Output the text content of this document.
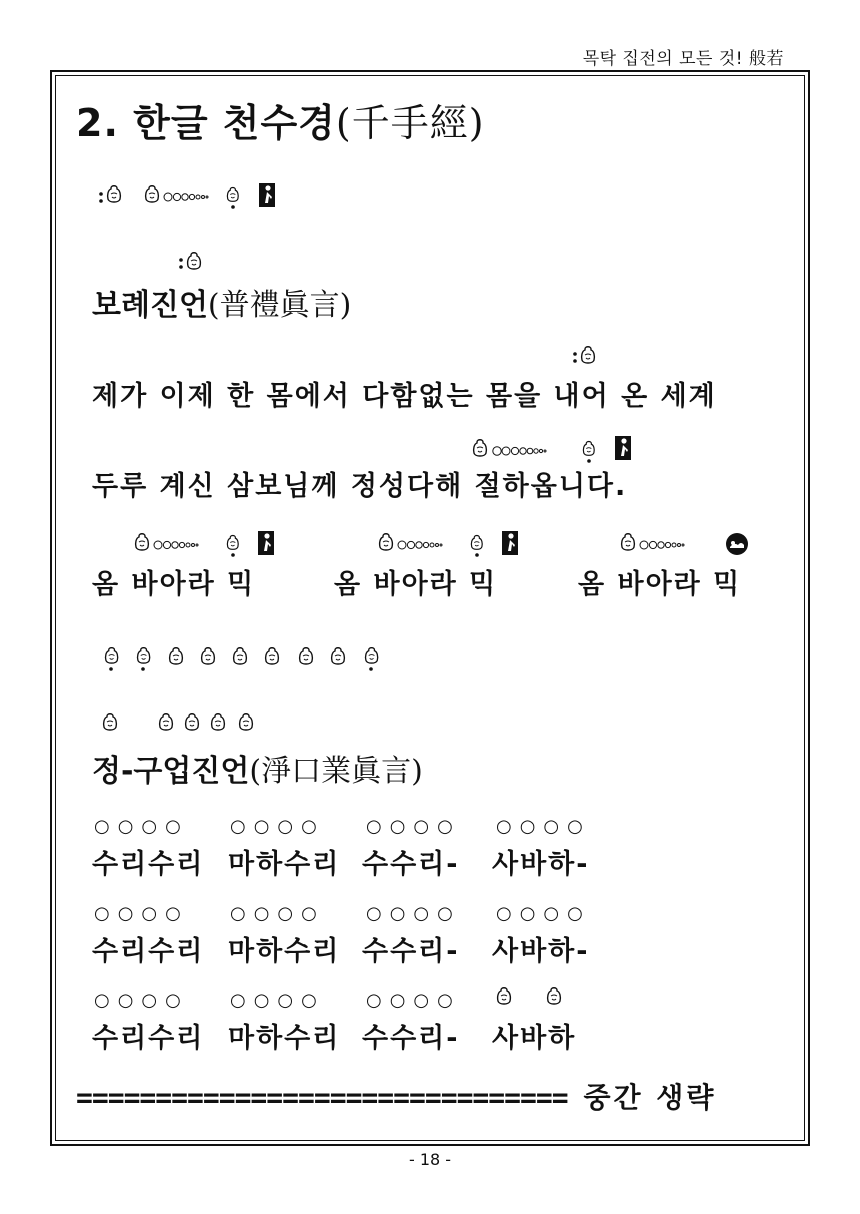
목탁 집전의 모든 것! 般若
2. 한글 천수경(千手經)
보례진언(普禮眞言)
제가 이제 한 몸에서 다함없는 몸을 내어 온 세계
두루 계신 삼보님께 정성다해 절하옵니다.
옴 바아라 믹	옴 바아라 믹	옴 바아라 믹
정-구업진언(淨口業眞言)
○○○○ ○○○○ ○○○○ ○○○○
수리수리 마하수리 수수리- 사바하-
○○○○ ○○○○ ○○○○ ○○○○
수리수리 마하수리 수수리- 사바하-
○○○○ ○○○○ ○○○○
수리수리 마하수리 수수리- 사바하
=============================== 중간 생략
- 18 -
